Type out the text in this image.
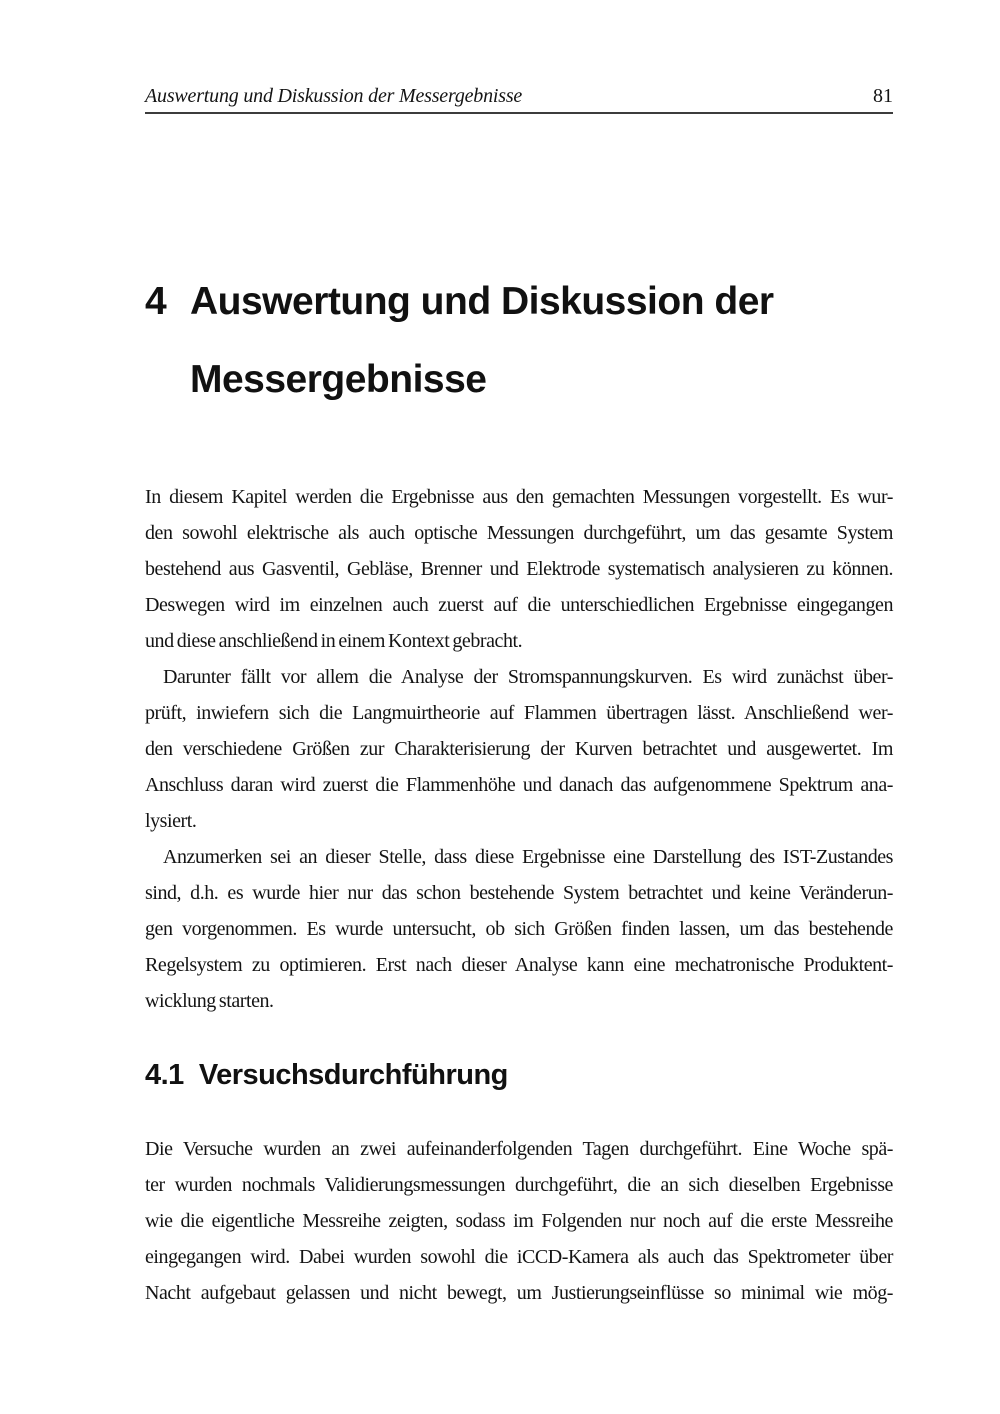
Auswertung und Diskussion der Messergebnisse	81
4 Auswertung und Diskussion der
Messergebnisse
In diesem Kapitel werden die Ergebnisse aus den gemachten Messungen vorgestellt. Es wur-
den sowohl elektrische als auch optische Messungen durchgeführt, um das gesamte System
bestehend aus Gasventil, Gebläse, Brenner und Elektrode systematisch analysieren zu können.
Deswegen wird im einzelnen auch zuerst auf die unterschiedlichen Ergebnisse eingegangen
und diese anschließend in einem Kontext gebracht.
Darunter fällt vor allem die Analyse der Stromspannungskurven. Es wird zunächst über-
prüft, inwiefern sich die Langmuirtheorie auf Flammen übertragen lässt. Anschließend wer-
den verschiedene Größen zur Charakterisierung der Kurven betrachtet und ausgewertet. Im
Anschluss daran wird zuerst die Flammenhöhe und danach das aufgenommene Spektrum ana-
lysiert.
Anzumerken sei an dieser Stelle, dass diese Ergebnisse eine Darstellung des IST-Zustandes
sind, d.h. es wurde hier nur das schon bestehende System betrachtet und keine Veränderun-
gen vorgenommen. Es wurde untersucht, ob sich Größen finden lassen, um das bestehende
Regelsystem zu optimieren. Erst nach dieser Analyse kann eine mechatronische Produktent-
wicklung starten.
4.1 Versuchsdurchführung
Die Versuche wurden an zwei aufeinanderfolgenden Tagen durchgeführt. Eine Woche spä-
ter wurden nochmals Validierungsmessungen durchgeführt, die an sich dieselben Ergebnisse
wie die eigentliche Messreihe zeigten, sodass im Folgenden nur noch auf die erste Messreihe
eingegangen wird. Dabei wurden sowohl die iCCD-Kamera als auch das Spektrometer über
Nacht aufgebaut gelassen und nicht bewegt, um Justierungseinflüsse so minimal wie mög-
